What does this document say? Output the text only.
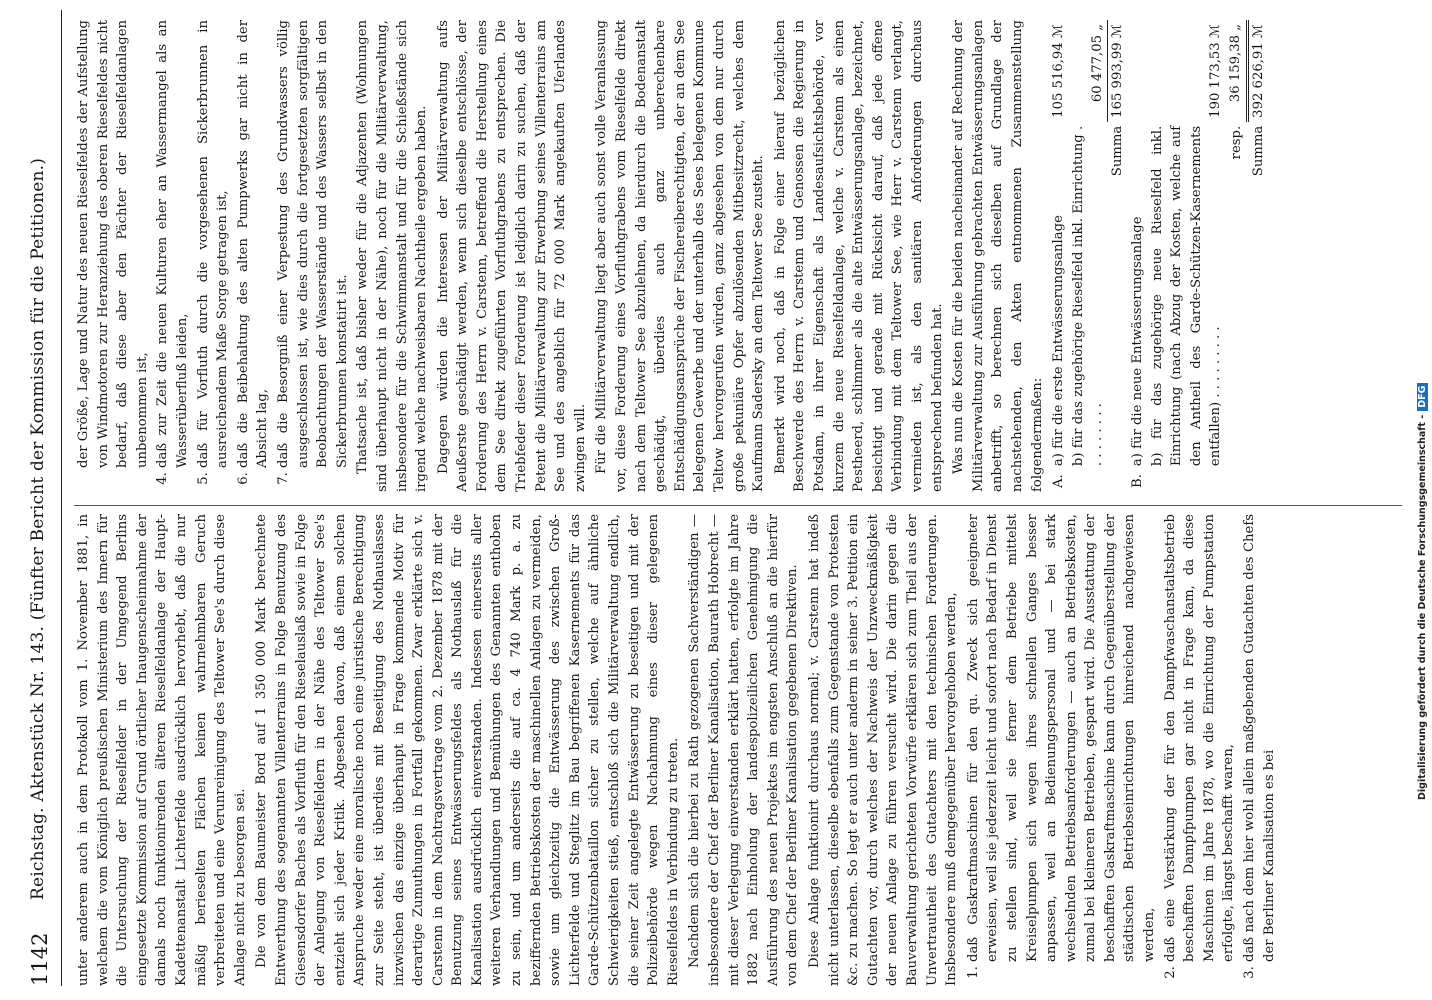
1142
Reichstag. Aktenstück Nr. 143. (Fünfter Bericht der Kommission für die Petitionen.) unter anderem auch in dem Protokoll vom 1. November 1881, in welchem die vom Königlich preußischen Ministerium des Innern für die Untersuchung der Rieselfelder in der Umgegend Berlins eingesetzte Kommission auf Grund örtlicher Inaugenscheinnahme der damals noch funktionirenden älteren Rieselfeldanlage der Haupt-Kadettenanstalt Lichterfelde ausdrücklich hervorhebt, daß die nur mäßig berieselten Flächen keinen wahrnehmbaren Geruch verbreiteten und eine Verunreinigung des Teltower See's durch diese Anlage nicht zu besorgen sei. Die von dem Baumeister Bord auf 1 350 000 Mark berechnete Entwerthung des sogenannten Villenterrains in Folge Benutzung des Giesensdorfer Baches als Vorfluth für den Rieselauslaß sowie in Folge der Anlegung von Rieselfeldern in der Nähe des Teltower See's entzieht sich jeder Kritik. Abgesehen davon, daß einem solchen Anspruche weder eine moralische noch eine juristische Berechtigung zur Seite steht, ist überdies mit Beseitigung des Nothauslasses inzwischen das einzige überhaupt in Frage kommende Motiv für derartige Zumuthungen in Fortfall gekommen. Zwar erklärte sich v. Carstenn in dem Nachtragsvertrage vom 2. Dezember 1878 mit der Benutzung seines Entwässerungsfeldes als Nothauslaß für die Kanalisation ausdrücklich einverstanden. Indessen einerseits aller weiteren Verhandlungen und Bemühungen des Genannten enthoben zu sein, und um anderseits die auf ca. 4 740 Mark p. a. zu beziffernden Betriebskosten der maschinellen Anlagen zu vermeiden, sowie um gleichzeitig die Entwässerung des zwischen Groß-Lichterfelde und Steglitz im Bau begriffenen Kasernements für das Garde-Schützenbataillon sicher zu stellen, welche auf ähnliche Schwierigkeiten stieß, entschloß sich die Militärverwaltung endlich, die seiner Zeit angelegte Entwässerung zu beseitigen und mit der Polizeibehörde wegen Nachahmung eines dieser gelegenen Rieselfeldes in Verbindung zu treten. Nachdem sich die hierbei zu Rath gezogenen Sachverständigen — insbesondere der Chef der Berliner Kanalisation, Baurath Hobrecht — mit dieser Verlegung einverstanden erklärt hatten, erfolgte im Jahre 1882 nach Einholung der landespolizeilichen Genehmigung die Ausführung des neuen Projektes im engsten Anschluß an die hierfür von dem Chef der Berliner Kanalisation gegebenen Direktiven. Diese Anlage funktionirt durchaus normal; v. Carstenn hat indeß nicht unterlassen, dieselbe ebenfalls zum Gegenstande von Protesten &c. zu machen. So legt er auch unter anderm in seiner 3. Petition ein Gutachten vor, durch welches der Nachweis der Unzweckmäßigkeit der neuen Anlage zu führen versucht wird. Die darin gegen die Bauverwaltung gerichteten Vorwürfe erklären sich zum Theil aus der Unvertrautheit des Gutachters mit den technischen Forderungen. Insbesondere muß demgegenüber hervorgehoben werden, 1. daß Gaskraftmaschinen für den qu. Zweck sich geeigneter erweisen, weil sie jederzeit leicht und sofort nach Bedarf in Dienst zu stellen sind, weil sie ferner dem Betriebe mittelst Kreiselpumpen sich wegen ihres schnellen Ganges besser anpassen, weil an Bedienungspersonal und — bei stark wechselnden Betriebsanforderungen — auch an Betriebskosten, zumal bei kleineren Betrieben, gespart wird. Die Ausstattung der beschafften Gaskraftmaschine kann durch Gegenüberstellung der städtischen Betriebseinrichtungen hinreichend nachgewiesen werden, 2. daß eine Verstärkung der für den Dampfwaschanstaltsbetrieb beschafften Dampfpumpen gar nicht in Frage kam, da diese Maschinen im Jahre 1878, wo die Einrichtung der Pumpstation erfolgte, längst beschafft waren, 3. daß nach dem hier wohl allein maßgebenden Gutachten des Chefs der Berliner Kanalisation es bei
der Größe, Lage und Natur des neuen Rieselfeldes der Aufstellung von Windmotoren zur Heranziehung des oberen Rieselfeldes nicht bedarf, daß diese aber den Pächter der Rieselfeldanlagen unbenommen ist, 4. daß zur Zeit die neuen Kulturen eher an Wassermangel als an Wasserüberfluß leiden, 5. daß für Vorfluth durch die vorgesehenen Sickerbrunnen in ausreichendem Maße Sorge getragen ist, 6. daß die Beibehaltung des alten Pumpwerks gar nicht in der Absicht lag, 7. daß die Besorgniß einer Verpestung des Grundwassers völlig ausgeschlossen ist, wie dies durch die fortgesetzten sorgfältigen Beobachtungen der Wasserstände und des Wassers selbst in den Sickerbrunnen konstatirt ist. Thatsache ist, daß bisher weder für die Adjazenten (Wohnungen sind überhaupt nicht in der Nähe), noch für die Militärverwaltung, insbesondere für die Schwimmanstalt und für die Schießstände sich irgend welche nachweisbaren Nachtheile ergeben haben. Dagegen würden die Interessen der Militärverwaltung aufs Aeußerste geschädigt werden, wenn sich dieselbe entschlösse, der Forderung des Herrn v. Carstenn, betreffend die Herstellung eines dem See direkt zugeführten Vorfluthgrabens zu entsprechen. Die Triebfeder dieser Forderung ist lediglich darin zu suchen, daß der Petent die Militärverwaltung zur Erwerbung seines Villenterrains am See und des angeblich für 72 000 Mark angekauften Uferlandes zwingen will. Für die Militärverwaltung liegt aber auch sonst volle Veranlassung vor, diese Forderung eines Vorfluthgrabens vom Rieselfelde direkt nach dem Teltower See abzulehnen, da hierdurch die Bodenanstalt geschädigt, überdies auch ganz unberechenbare Entschädigungsansprüche der Fischereiberechtigten, der an dem See belegenen Gewerbe und der unterhalb des Sees belegenen Kommune Teltow hervorgerufen würden, ganz abgesehen von dem nur durch große pekuniäre Opfer abzulösenden Mitbesitzrecht, welches dem Kaufmann Sadersky an dem Teltower See zusteht. Bemerkt wird noch, daß in Folge einer hierauf bezüglichen Beschwerde des Herrn v. Carstenn und Genossen die Regierung in Potsdam, in ihrer Eigenschaft als Landesaufsichtsbehörde, vor kurzem die neue Rieselfeldanlage, welche v. Carstenn als einen Pestheerd, schlimmer als die alte Entwässerungsanlage, bezeichnet, besichtigt und gerade mit Rücksicht darauf, daß jede offene Verbindung mit dem Teltower See, wie Herr v. Carstenn verlangt, vermieden ist, als den sanitären Anforderungen durchaus entsprechend befunden hat. Was nun die Kosten für die beiden nacheinander auf Rechnung der Militärverwaltung zur Ausführung gebrachten Entwässerungsanlagen anbetrifft, so berechnen sich dieselben auf Grundlage der nachstehenden, den Akten entnommenen Zusammenstellung folgendermaßen: A.	a) für die erste Entwässerungsanlage	105 516,94 ℳ
	b) für das zugehörige Rieselfeld inkl. Einrichtung . . . . . . . . .	60 477,05 „
	Summa	165 993,99 ℳ
B.	a) für die neue Entwässerungsanlage	
	b) für das zugehörige neue Rieselfeld inkl. Einrichtung (nach Abzug der Kosten, welche auf den Antheil des Garde-Schützen-Kasernements entfallen) . . . . . . . . .	190 173,53 ℳ
	resp.	36 159,38 „
	Summa	392 626,91 ℳ
Digitalisierung gefördert durch die Deutsche Forschungsgemeinschaft -DFG
